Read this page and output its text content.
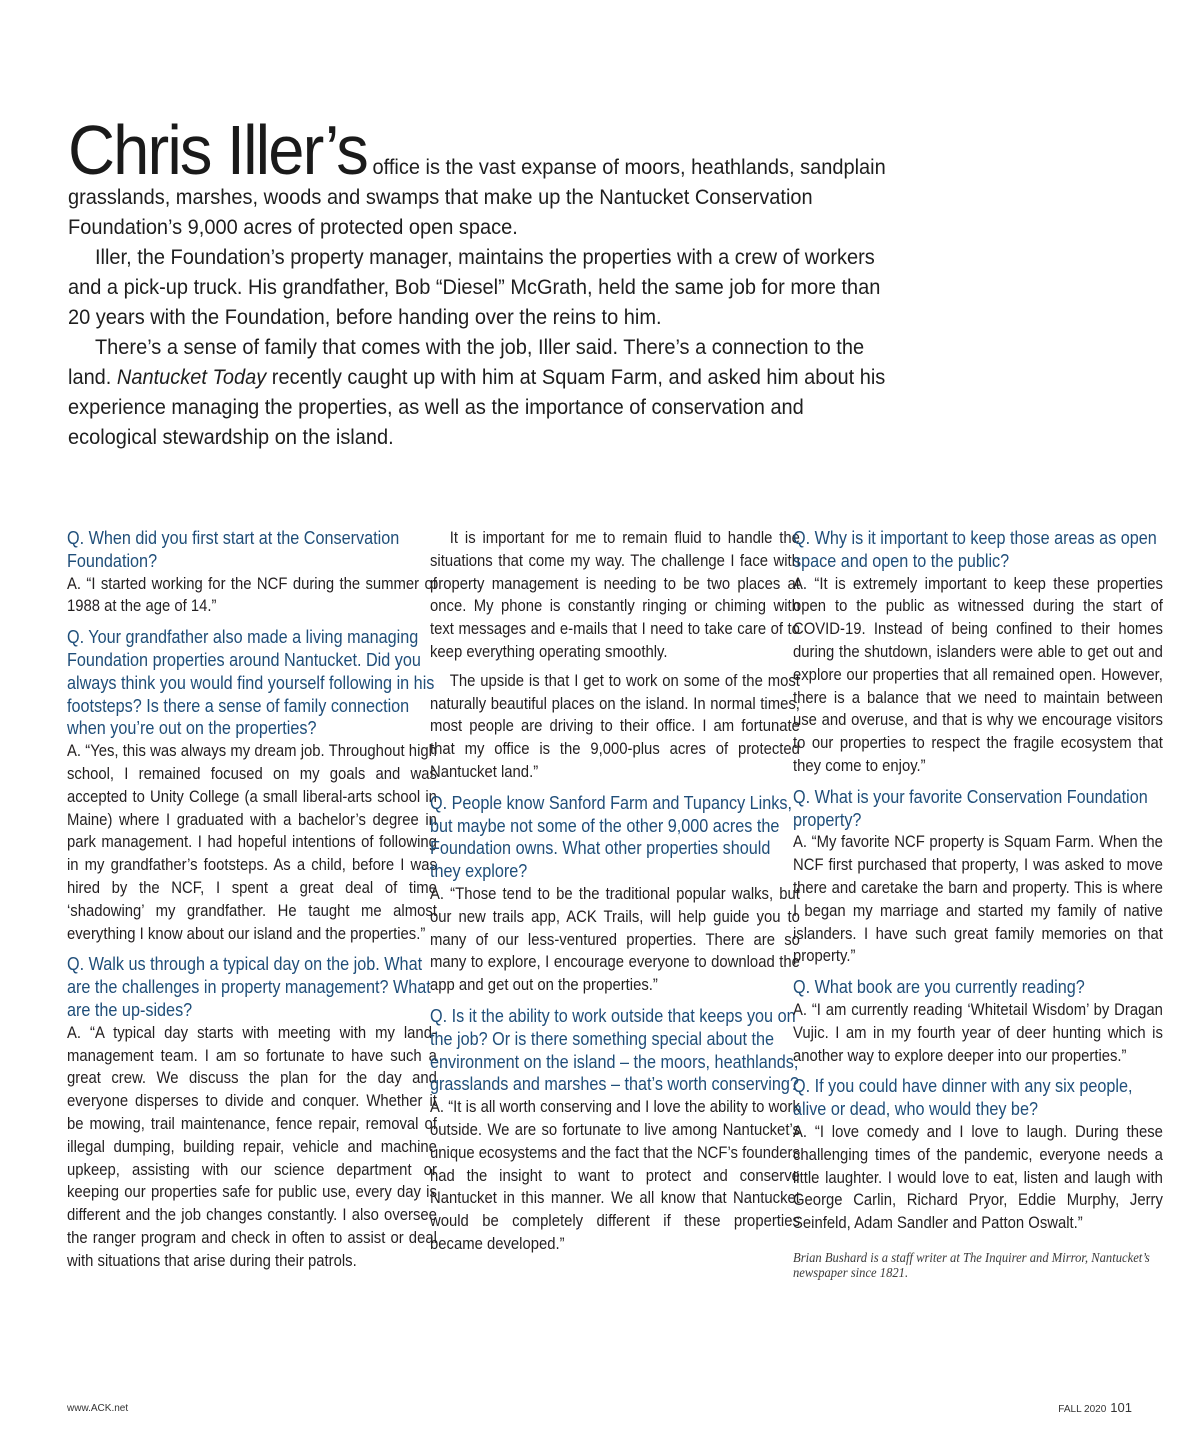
Chris Iller’s office is the vast expanse of moors, heathlands, sandplain grasslands, marshes, woods and swamps that make up the Nantucket Conservation Foundation’s 9,000 acres of protected open space.

Iller, the Foundation’s property manager, maintains the properties with a crew of workers and a pick-up truck. His grandfather, Bob “Diesel” McGrath, held the same job for more than 20 years with the Foundation, before handing over the reins to him.

There’s a sense of family that comes with the job, Iller said. There’s a connection to the land. Nantucket Today recently caught up with him at Squam Farm, and asked him about his experience managing the properties, as well as the importance of conservation and ecological stewardship on the island.

Q. When did you first start at the Conservation Foundation?

A. “I started working for the NCF during the summer of 1988 at the age of 14.”

Q. Your grandfather also made a living managing Foundation properties around Nantucket. Did you always think you would find yourself following in his footsteps? Is there a sense of family connection when you’re out on the properties?

A. “Yes, this was always my dream job. Throughout high school, I remained focused on my goals and was accepted to Unity College (a small liberal-arts school in Maine) where I graduated with a bachelor’s degree in park management. I had hopeful intentions of following in my grandfather’s footsteps. As a child, before I was hired by the NCF, I spent a great deal of time ‘shadowing’ my grandfather. He taught me almost everything I know about our island and the properties.”

Q. Walk us through a typical day on the job. What are the challenges in property management? What are the up-sides?

A. “A typical day starts with meeting with my land-management team. I am so fortunate to have such a great crew. We discuss the plan for the day and everyone disperses to divide and conquer. Whether it be mowing, trail maintenance, fence repair, removal of illegal dumping, building repair, vehicle and machine upkeep, assisting with our science department or keeping our properties safe for public use, every day is different and the job changes constantly. I also oversee the ranger program and check in often to assist or deal with situations that arise during their patrols.

It is important for me to remain fluid to handle the situations that come my way. The challenge I face with property management is needing to be two places at once. My phone is constantly ringing or chiming with text messages and e-mails that I need to take care of to keep everything operating smoothly.

The upside is that I get to work on some of the most naturally beautiful places on the island. In normal times, most people are driving to their office. I am fortunate that my office is the 9,000-plus acres of protected Nantucket land.”

Q. People know Sanford Farm and Tupancy Links, but maybe not some of the other 9,000 acres the Foundation owns. What other properties should they explore?

A. “Those tend to be the traditional popular walks, but our new trails app, ACK Trails, will help guide you to many of our less-ventured properties. There are so many to explore, I encourage everyone to download the app and get out on the properties.”

Q. Is it the ability to work outside that keeps you on the job? Or is there something special about the environment on the island – the moors, heathlands, grasslands and marshes – that’s worth conserving?

A. “It is all worth conserving and I love the ability to work outside. We are so fortunate to live among Nantucket’s unique ecosystems and the fact that the NCF’s founders had the insight to want to protect and conserve Nantucket in this manner. We all know that Nantucket would be completely different if these properties became developed.”

Q. Why is it important to keep those areas as open space and open to the public?

A. “It is extremely important to keep these properties open to the public as witnessed during the start of COVID-19. Instead of being confined to their homes during the shutdown, islanders were able to get out and explore our properties that all remained open. However, there is a balance that we need to maintain between use and overuse, and that is why we encourage visitors to our properties to respect the fragile ecosystem that they come to enjoy.”

Q. What is your favorite Conservation Foundation property?

A. “My favorite NCF property is Squam Farm. When the NCF first purchased that property, I was asked to move there and caretake the barn and property. This is where I began my marriage and started my family of native islanders. I have such great family memories on that property.”

Q. What book are you currently reading?

A. “I am currently reading ‘Whitetail Wisdom’ by Dragan Vujic. I am in my fourth year of deer hunting which is another way to explore deeper into our properties.”

Q. If you could have dinner with any six people, alive or dead, who would they be?

A. “I love comedy and I love to laugh. During these challenging times of the pandemic, everyone needs a little laughter. I would love to eat, listen and laugh with George Carlin, Richard Pryor, Eddie Murphy, Jerry Seinfeld, Adam Sandler and Patton Oswalt.”

Brian Bushard is a staff writer at The Inquirer and Mirror, Nantucket’s newspaper since 1821.

www.ACK.net	FALL 2020 101
